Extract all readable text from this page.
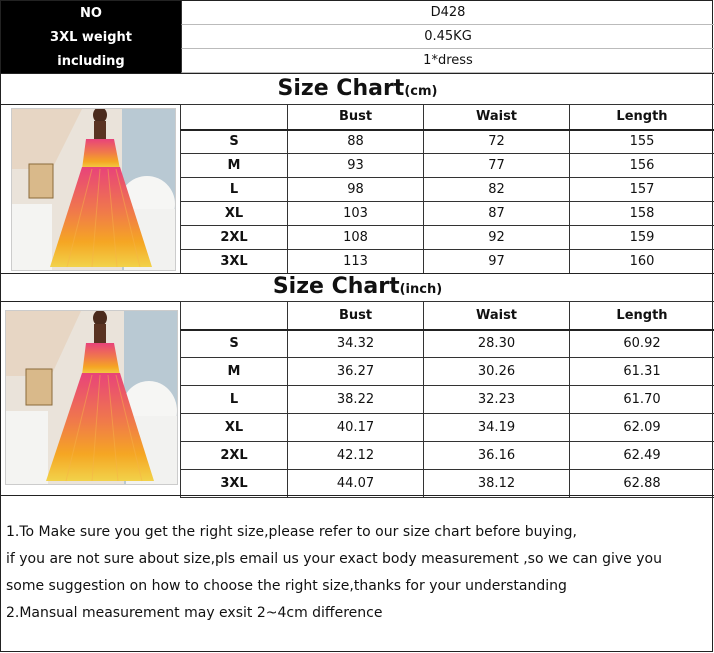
NO	D428
3XL weight	0.45KG
including	1*dress
Size Chart(cm)
	Bust	Waist	Length
S	88	72	155
M	93	77	156
L	98	82	157
XL	103	87	158
2XL	108	92	159
3XL	113	97	160
Size Chart(inch)
	Bust	Waist	Length
S	34.32	28.30	60.92
M	36.27	30.26	61.31
L	38.22	32.23	61.70
XL	40.17	34.19	62.09
2XL	42.12	36.16	62.49
3XL	44.07	38.12	62.88
1.To Make sure you get the right size,please refer to our size chart before buying,
if you are not sure about size,pls email us your exact body measurement ,so we can give you
some suggestion on how to choose the right size,thanks for your understanding
2.Mansual measurement may exsit 2~4cm difference
